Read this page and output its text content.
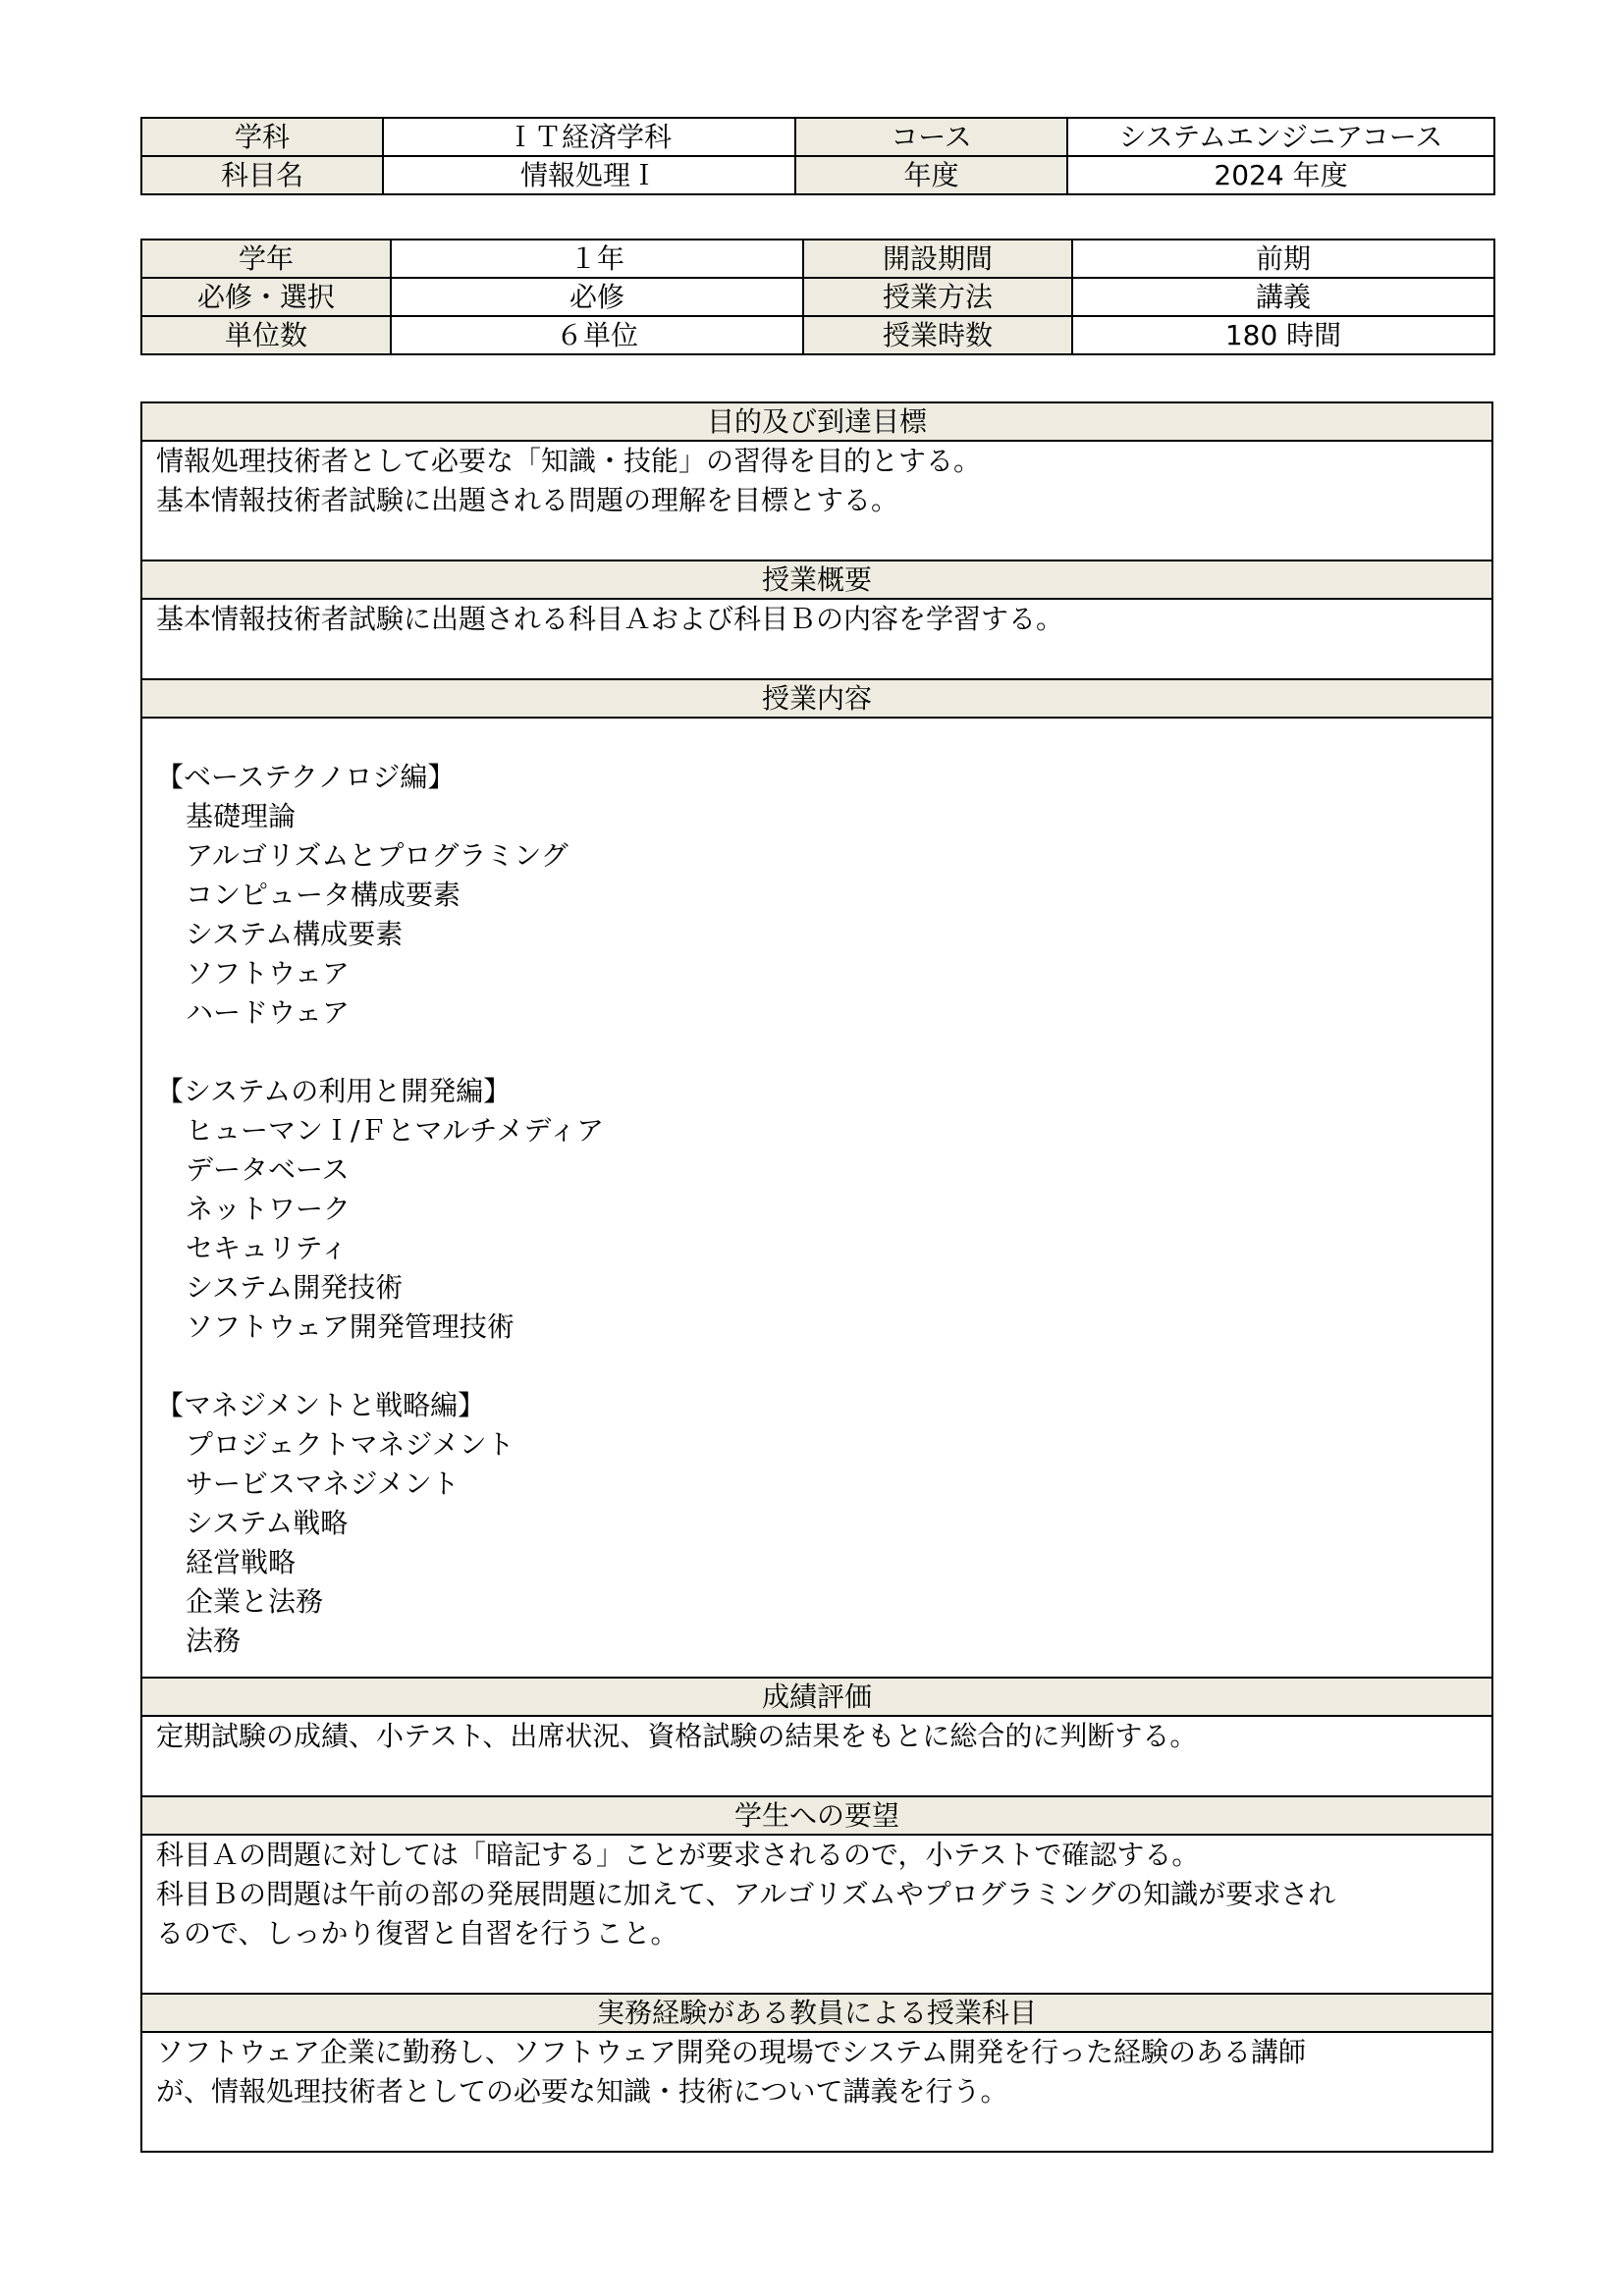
学科	ＩＴ経済学科	コース	システムエンジニアコース
科目名	情報処理Ｉ	年度	2024 年度
学年	１年	開設期間	前期
必修・選択	必修	授業方法	講義
単位数	６単位	授業時数	180 時間
目的及び到達目標

情報処理技術者として必要な「知識・技能」の習得を目的とする。
基本情報技術者試験に出題される問題の理解を目標とする。

授業概要

基本情報技術者試験に出題される科目Ａおよび科目Ｂの内容を学習する。

授業内容

【ベーステクノロジ編】
基礎理論
アルゴリズムとプログラミング
コンピュータ構成要素
システム構成要素
ソフトウェア
ハードウェア
【システムの利用と開発編】
ヒューマンＩ/Ｆとマルチメディア
データベース
ネットワーク
セキュリティ
システム開発技術
ソフトウェア開発管理技術
【マネジメントと戦略編】
プロジェクトマネジメント
サービスマネジメント
システム戦略
経営戦略
企業と法務
法務

成績評価

定期試験の成績、小テスト、出席状況、資格試験の結果をもとに総合的に判断する。

学生への要望

科目Ａの問題に対しては「暗記する」ことが要求されるので，小テストで確認する。
科目Ｂの問題は午前の部の発展問題に加えて、アルゴリズムやプログラミングの知識が要求され
るので、しっかり復習と自習を行うこと。

実務経験がある教員による授業科目

ソフトウェア企業に勤務し、ソフトウェア開発の現場でシステム開発を行った経験のある講師
が、情報処理技術者としての必要な知識・技術について講義を行う。
